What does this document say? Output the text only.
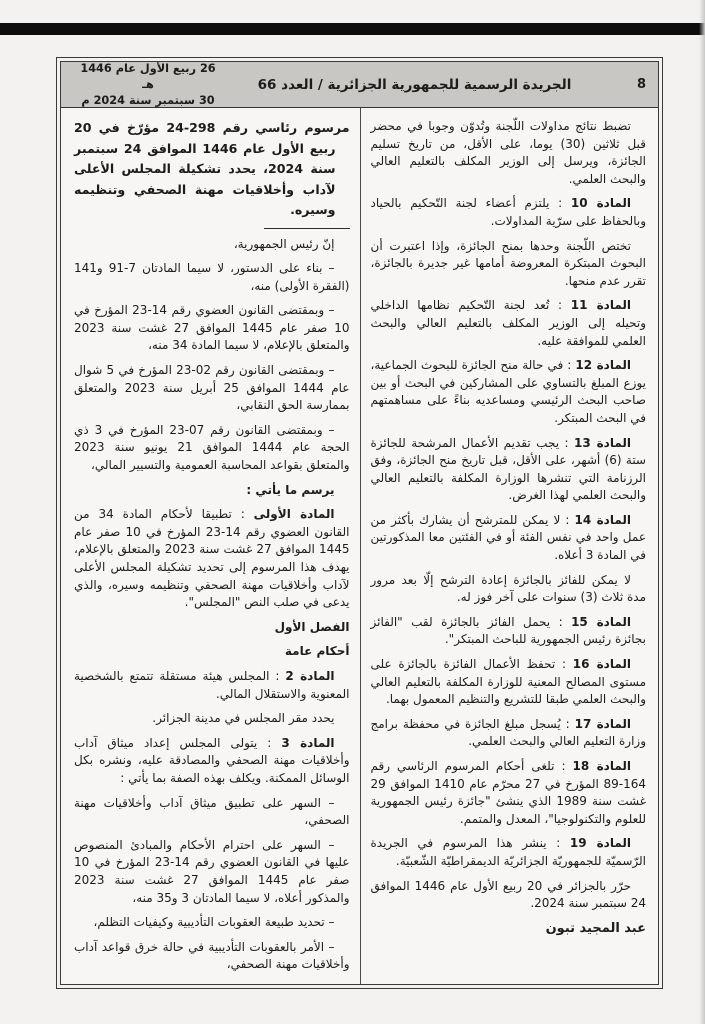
8
الجريدة الرسمية للجمهورية الجزائرية / العدد 66
26 ربيع الأول عام 1446 هـ
30 سبتمبر سنة 2024 م

تضبط نتائج مداولات اللّجنة وتُدوّن وجوبا في محضر قبل ثلاثين (30) يوما، على الأقل، من تاريخ تسليم الجائزة، ويرسل إلى الوزير المكلف بالتعليم العالي والبحث العلمي.

المادة 10 : يلتزم أعضاء لجنة التّحكيم بالحياد وبالحفاظ على سرّية المداولات.

تختص اللّجنة وحدها بمنح الجائزة، وإذا اعتبرت أن البحوث المبتكرة المعروضة أمامها غير جديرة بالجائزة، تقرر عدم منحها.

المادة 11 : تُعد لجنة التّحكيم نظامها الداخلي وتحيله إلى الوزير المكلف بالتعليم العالي والبحث العلمي للموافقة عليه.

المادة 12 : في حالة منح الجائزة للبحوث الجماعية، يوزع المبلغ بالتساوي على المشاركين في البحث أو بين صاحب البحث الرئيسي ومساعديه بناءً على مساهمتهم في البحث المبتكر.

المادة 13 : يجب تقديم الأعمال المرشحة للجائزة ستة (6) أشهر، على الأقل، قبل تاريخ منح الجائزة، وفق الرزنامة التي تنشرها الوزارة المكلفة بالتعليم العالي والبحث العلمي لهذا الغرض.

المادة 14 : لا يمكن للمترشح أن يشارك بأكثر من عمل واحد في نفس الفئة أو في الفئتين معا المذكورتين في المادة 3 أعلاه.

لا يمكن للفائز بالجائزة إعادة الترشح إلّا بعد مرور مدة ثلاث (3) سنوات على آخر فوز له.

المادة 15 : يحمل الفائز بالجائزة لقب "الفائز بجائزة رئيس الجمهورية للباحث المبتكر".

المادة 16 : تحفظ الأعمال الفائزة بالجائزة على مستوى المصالح المعنية للوزارة المكلفة بالتعليم العالي والبحث العلمي طبقا للتشريع والتنظيم المعمول بهما.

المادة 17 : يُسجل مبلغ الجائزة في محفظة برامج وزارة التعليم العالي والبحث العلمي.

المادة 18 : تلغى أحكام المرسوم الرئاسي رقم 164-89 المؤرخ في 27 محرّم عام 1410 الموافق 29 غشت سنة 1989 الذي ينشئ "جائزة رئيس الجمهورية للعلوم والتكنولوجيا"، المعدل والمتمم.

المادة 19 : ينشر هذا المرسوم في الجريدة الرّسميّة للجمهوريّة الجزائريّة الديمقراطيّة الشّعبيّة.

حرّر بالجزائر في 20 ربيع الأول عام 1446 الموافق 24 سبتمبر سنة 2024.

عبد المجيد تبون

مرسوم رئاسي رقم 298-24 مؤرّخ في 20 ربيع الأول عام 1446 الموافق 24 سبتمبر سنة 2024، يحدد تشكيلة المجلس الأعلى لآداب وأخلاقيات مهنة الصحفي وتنظيمه وسيره.

إنّ رئيس الجمهورية،

– بناء على الدستور، لا سيما المادتان 7-91 و141 (الفقرة الأولى) منه،

– وبمقتضى القانون العضوي رقم 14-23 المؤرخ في 10 صفر عام 1445 الموافق 27 غشت سنة 2023 والمتعلق بالإعلام، لا سيما المادة 34 منه،

– وبمقتضى القانون رقم 02-23 المؤرخ في 5 شوال عام 1444 الموافق 25 أبريل سنة 2023 والمتعلق بممارسة الحق النقابي،

– وبمقتضى القانون رقم 07-23 المؤرخ في 3 ذي الحجة عام 1444 الموافق 21 يونيو سنة 2023 والمتعلق بقواعد المحاسبة العمومية والتسيير المالي،

يرسم ما يأتي :

المادة الأولى : تطبيقا لأحكام المادة 34 من القانون العضوي رقم 14-23 المؤرخ في 10 صفر عام 1445 الموافق 27 غشت سنة 2023 والمتعلق بالإعلام، يهدف هذا المرسوم إلى تحديد تشكيلة المجلس الأعلى لآداب وأخلاقيات مهنة الصحفي وتنظيمه وسيره، والذي يدعى في صلب النص "المجلس".

الفصل الأول

أحكام عامة

المادة 2 : المجلس هيئة مستقلة تتمتع بالشخصية المعنوية والاستقلال المالي.

يحدد مقر المجلس في مدينة الجزائر.

المادة 3 : يتولى المجلس إعداد ميثاق آداب وأخلاقيات مهنة الصحفي والمصادقة عليه، ونشره بكل الوسائل الممكنة. ويكلف بهذه الصفة بما يأتي :

– السهر على تطبيق ميثاق آداب وأخلاقيات مهنة الصحفي،

– السهر على احترام الأحكام والمبادئ المنصوص عليها في القانون العضوي رقم 14-23 المؤرخ في 10 صفر عام 1445 الموافق 27 غشت سنة 2023 والمذكور أعلاه، لا سيما المادتان 3 و35 منه،

– تحديد طبيعة العقوبات التأديبية وكيفيات التظلم،

– الأمر بالعقوبات التأديبية في حالة خرق قواعد آداب وأخلاقيات مهنة الصحفي،
